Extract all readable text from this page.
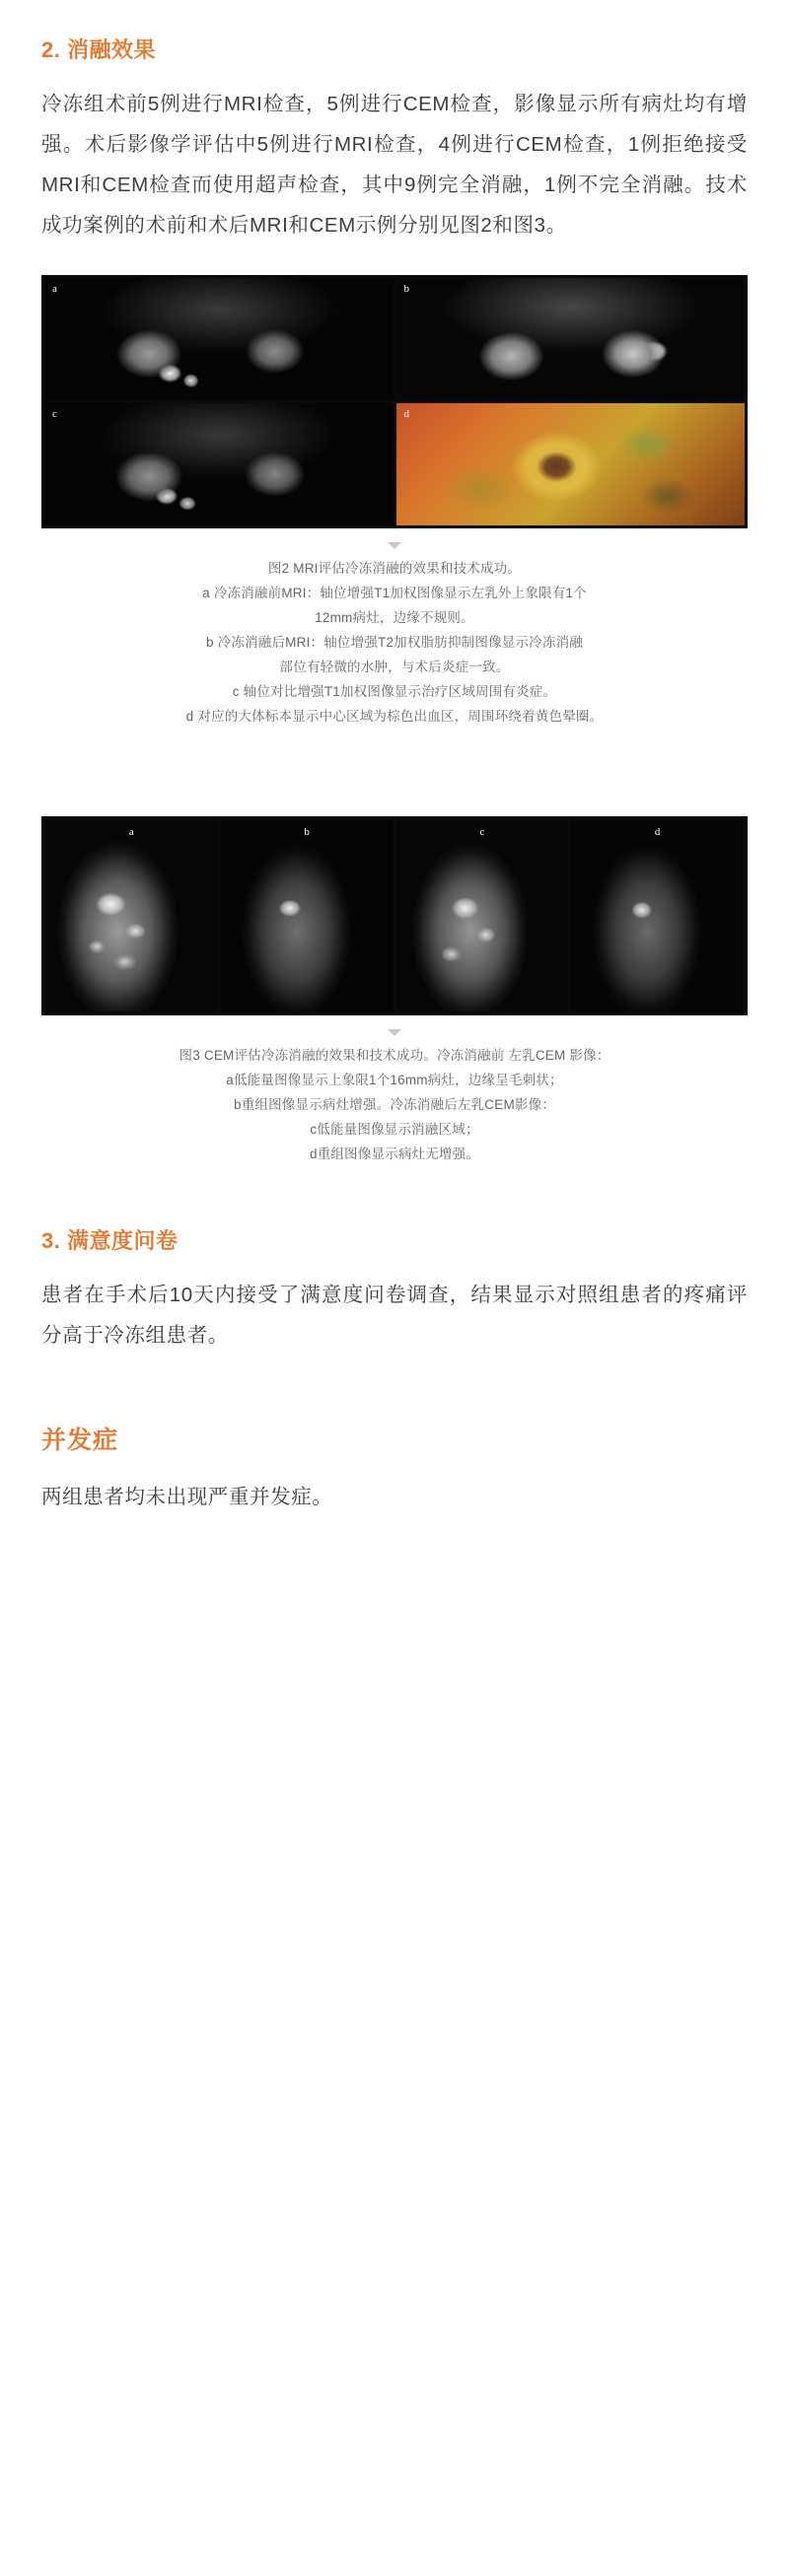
2. 消融效果

冷冻组术前5例进行MRI检查，5例进行CEM检查，影像显示所有病灶均有增强。术后影像学评估中5例进行MRI检查，4例进行CEM检查，1例拒绝接受MRI和CEM检查而使用超声检查，其中9例完全消融，1例不完全消融。技术成功案例的术前和术后MRI和CEM示例分别见图2和图3。

a	b
c	d
图2 MRI评估冷冻消融的效果和技术成功。
a 冷冻消融前MRI：轴位增强T1加权图像显示左乳外上象限有1个
12mm病灶，边缘不规则。
b 冷冻消融后MRI：轴位增强T2加权脂肪抑制图像显示冷冻消融
部位有轻微的水肿，与术后炎症一致。
c 轴位对比增强T1加权图像显示治疗区域周围有炎症。
d 对应的大体标本显示中心区域为棕色出血区，周围环绕着黄色晕圈。
a	b	c	d
图3 CEM评估冷冻消融的效果和技术成功。冷冻消融前 左乳CEM 影像：
a低能量图像显示上象限1个16mm病灶，边缘呈毛刺状；
b重组图像显示病灶增强。冷冻消融后左乳CEM影像：
c低能量图像显示消融区域；
d重组图像显示病灶无增强。
3. 满意度问卷

患者在手术后10天内接受了满意度问卷调查，结果显示对照组患者的疼痛评分高于冷冻组患者。

并发症

两组患者均未出现严重并发症。
